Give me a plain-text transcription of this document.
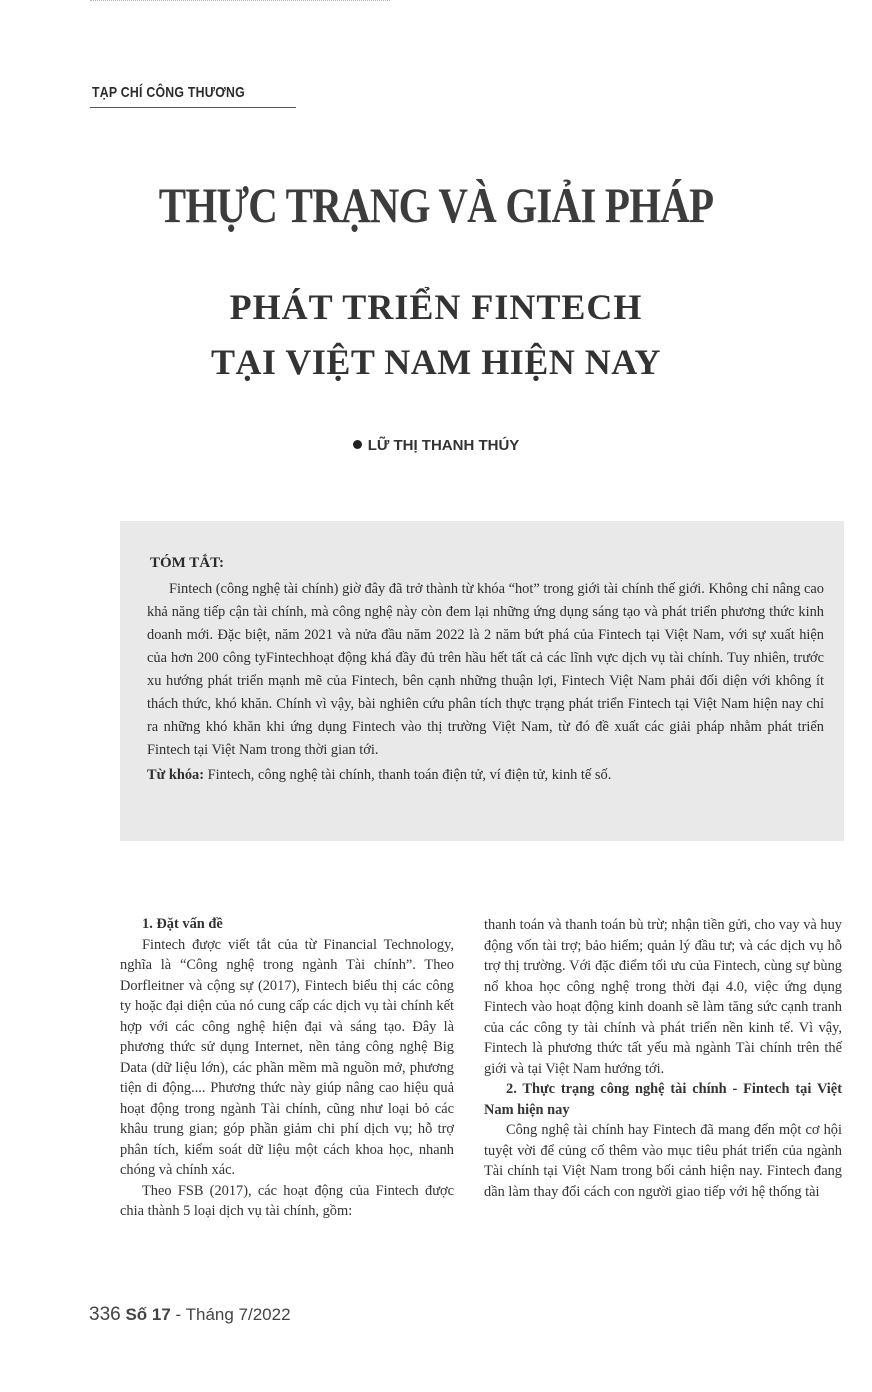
TẠP CHÍ CÔNG THƯƠNG
THỰC TRẠNG VÀ GIẢI PHÁP
PHÁT TRIỂN FINTECH
TẠI VIỆT NAM HIỆN NAY
LỮ THỊ THANH THÚY
TÓM TẮT:

Fintech (công nghệ tài chính) giờ đây đã trở thành từ khóa “hot” trong giới tài chính thế giới. Không chỉ nâng cao khả năng tiếp cận tài chính, mà công nghệ này còn đem lại những ứng dụng sáng tạo và phát triển phương thức kinh doanh mới. Đặc biệt, năm 2021 và nửa đầu năm 2022 là 2 năm bứt phá của Fintech tại Việt Nam, với sự xuất hiện của hơn 200 công tyFintechhoạt động khá đầy đủ trên hầu hết tất cả các lĩnh vực dịch vụ tài chính. Tuy nhiên, trước xu hướng phát triển mạnh mẽ của Fintech, bên cạnh những thuận lợi, Fintech Việt Nam phải đối diện với không ít thách thức, khó khăn. Chính vì vậy, bài nghiên cứu phân tích thực trạng phát triển Fintech tại Việt Nam hiện nay chỉ ra những khó khăn khi ứng dụng Fintech vào thị trường Việt Nam, từ đó đề xuất các giải pháp nhằm phát triển Fintech tại Việt Nam trong thời gian tới.

Từ khóa: Fintech, công nghệ tài chính, thanh toán điện tử, ví điện tử, kinh tế số.

1. Đặt vấn đề

Fintech được viết tắt của từ Financial Technology, nghĩa là “Công nghệ trong ngành Tài chính”. Theo Dorfleitner và cộng sự (2017), Fintech biểu thị các công ty hoặc đại diện của nó cung cấp các dịch vụ tài chính kết hợp với các công nghệ hiện đại và sáng tạo. Đây là phương thức sử dụng Internet, nền tảng công nghệ Big Data (dữ liệu lớn), các phần mềm mã nguồn mở, phương tiện di động.... Phương thức này giúp nâng cao hiệu quả hoạt động trong ngành Tài chính, cũng như loại bỏ các khâu trung gian; góp phần giảm chi phí dịch vụ; hỗ trợ phân tích, kiểm soát dữ liệu một cách khoa học, nhanh chóng và chính xác.

Theo FSB (2017), các hoạt động của Fintech được chia thành 5 loại dịch vụ tài chính, gồm:

thanh toán và thanh toán bù trừ; nhận tiền gửi, cho vay và huy động vốn tài trợ; bảo hiểm; quản lý đầu tư; và các dịch vụ hỗ trợ thị trường. Với đặc điểm tối ưu của Fintech, cùng sự bùng nổ khoa học công nghệ trong thời đại 4.0, việc ứng dụng Fintech vào hoạt động kinh doanh sẽ làm tăng sức cạnh tranh của các công ty tài chính và phát triển nền kinh tế. Vì vậy, Fintech là phương thức tất yếu mà ngành Tài chính trên thế giới và tại Việt Nam hướng tới.

2. Thực trạng công nghệ tài chính - Fintech tại Việt Nam hiện nay

Công nghệ tài chính hay Fintech đã mang đến một cơ hội tuyệt vời để củng cố thêm vào mục tiêu phát triển của ngành Tài chính tại Việt Nam trong bối cảnh hiện nay. Fintech đang dần làm thay đổi cách con người giao tiếp với hệ thống tài

336 Số 17 - Tháng 7/2022
